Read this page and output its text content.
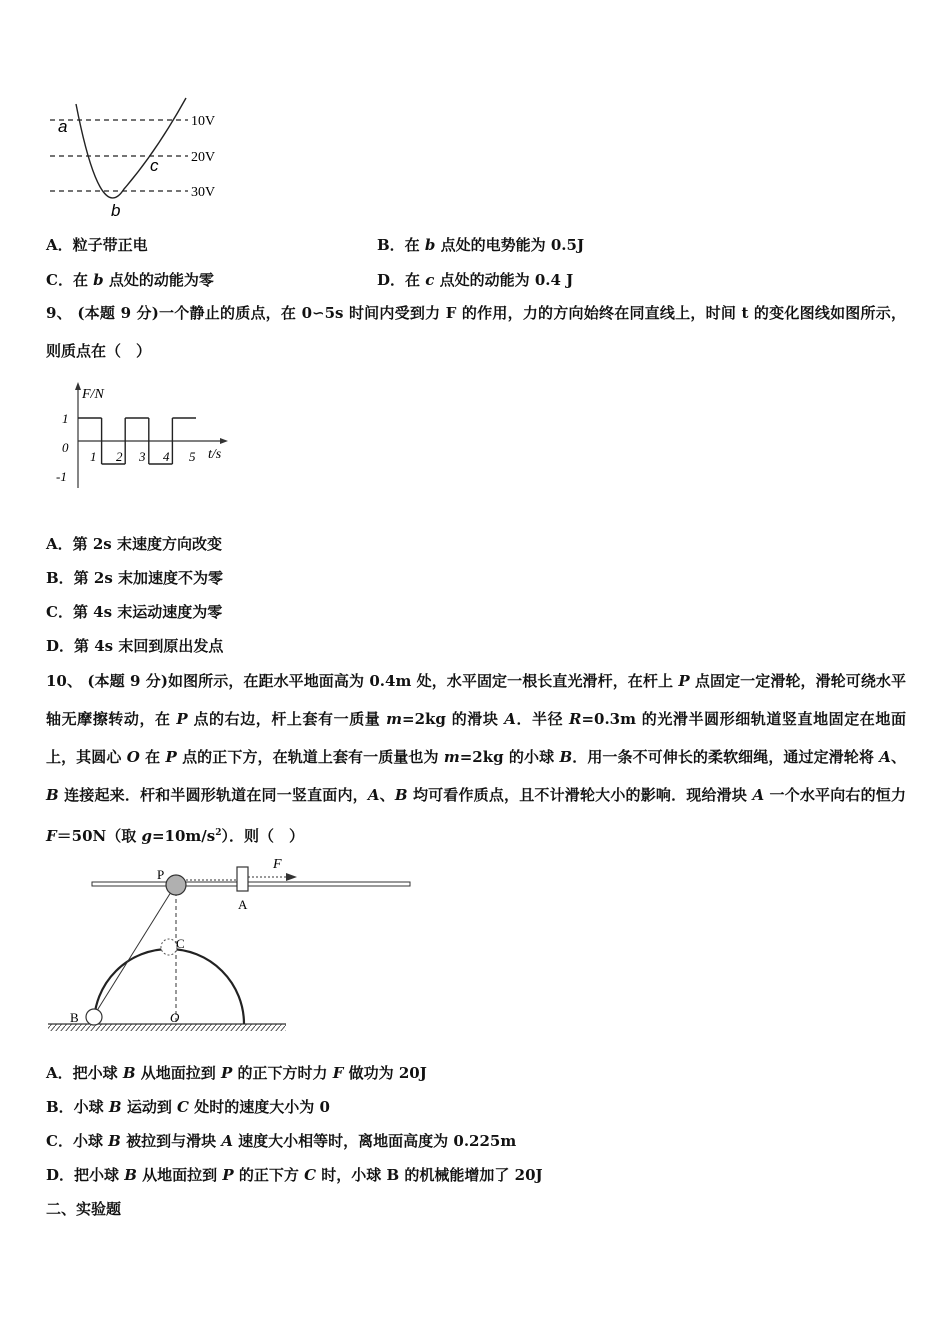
a
c
b
10V
20V
30V
A．粒子带正电	B．在 b 点处的电势能为 0.5J
C．在 b 点处的动能为零	D．在 c 点处的动能为 0.4 J
9、 (本题 9 分)一个静止的质点，在 0∽5s 时间内受到力 F 的作用，力的方向始终在同直线上，时间 t 的变化图线如图所示，则质点在（　）
F/N
t/s
1
0
-1
1 2 3 4 5
A．第 2s 末速度方向改变
B．第 2s 末加速度不为零
C．第 4s 末运动速度为零
D．第 4s 末回到原出发点
10、 (本题 9 分)如图所示，在距水平地面高为 0.4m 处，水平固定一根长直光滑杆，在杆上 P 点固定一定滑轮，滑轮可绕水平轴无摩擦转动，在 P 点的右边，杆上套有一质量 m=2kg 的滑块 A．半径 R=0.3m 的光滑半圆形细轨道竖直地固定在地面上，其圆心 O 在 P 点的正下方，在轨道上套有一质量也为 m=2kg 的小球 B．用一条不可伸长的柔软细绳，通过定滑轮将 A、B 连接起来．杆和半圆形轨道在同一竖直面内，A、B 均可看作质点，且不计滑轮大小的影响．现给滑块 A 一个水平向右的恒力 F＝50N（取 $g=10m/s^2$）．则（　）
P
A
F
C
B	O
A．把小球 B 从地面拉到 P 的正下方时力 F 做功为 20J
B．小球 B 运动到 C 处时的速度大小为 0
C．小球 B 被拉到与滑块 A 速度大小相等时，离地面高度为 0.225m
D．把小球 B 从地面拉到 P 的正下方 C 时，小球 B 的机械能增加了 20J
二、实验题
